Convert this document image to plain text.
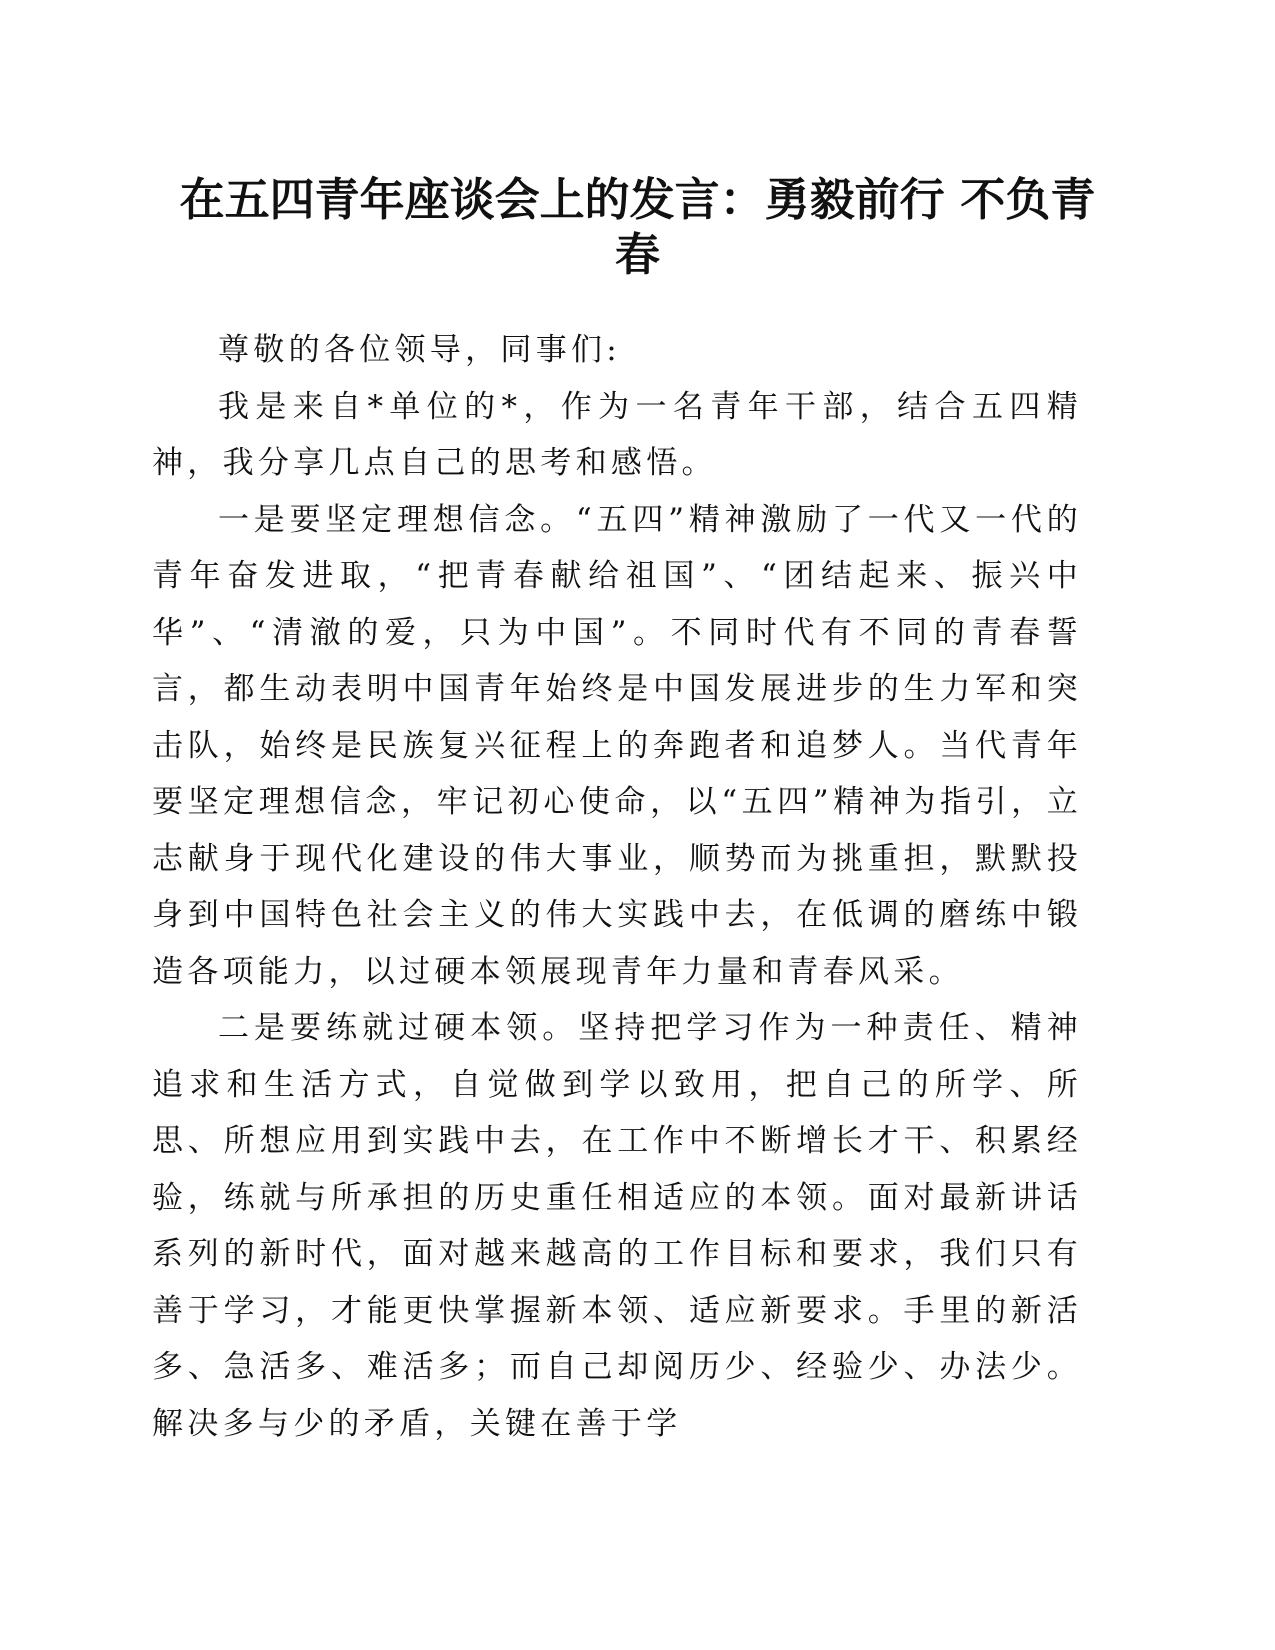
在五四青年座谈会上的发言：勇毅前行 不负青
春

尊敬的各位领导，同事们:

我是来自*单位的*，作为一名青年干部，结合五四精神，我分享几点自己的思考和感悟。

一是要坚定理想信念。“五四”精神激励了一代又一代的青年奋发进取，“把青春献给祖国”、“团结起来、振兴中华”、“清澈的爱，只为中国”。不同时代有不同的青春誓言，都生动表明中国青年始终是中国发展进步的生力军和突击队，始终是民族复兴征程上的奔跑者和追梦人。当代青年要坚定理想信念，牢记初心使命，以“五四”精神为指引，立志献身于现代化建设的伟大事业，顺势而为挑重担，默默投身到中国特色社会主义的伟大实践中去，在低调的磨练中锻造各项能力，以过硬本领展现青年力量和青春风采。

二是要练就过硬本领。坚持把学习作为一种责任、精神追求和生活方式，自觉做到学以致用，把自己的所学、所思、所想应用到实践中去，在工作中不断增长才干、积累经验，练就与所承担的历史重任相适应的本领。面对最新讲话系列的新时代，面对越来越高的工作目标和要求，我们只有善于学习，才能更快掌握新本领、适应新要求。手里的新活多、急活多、难活多；而自己却阅历少、经验少、办法少。解决多与少的矛盾，关键在善于学
